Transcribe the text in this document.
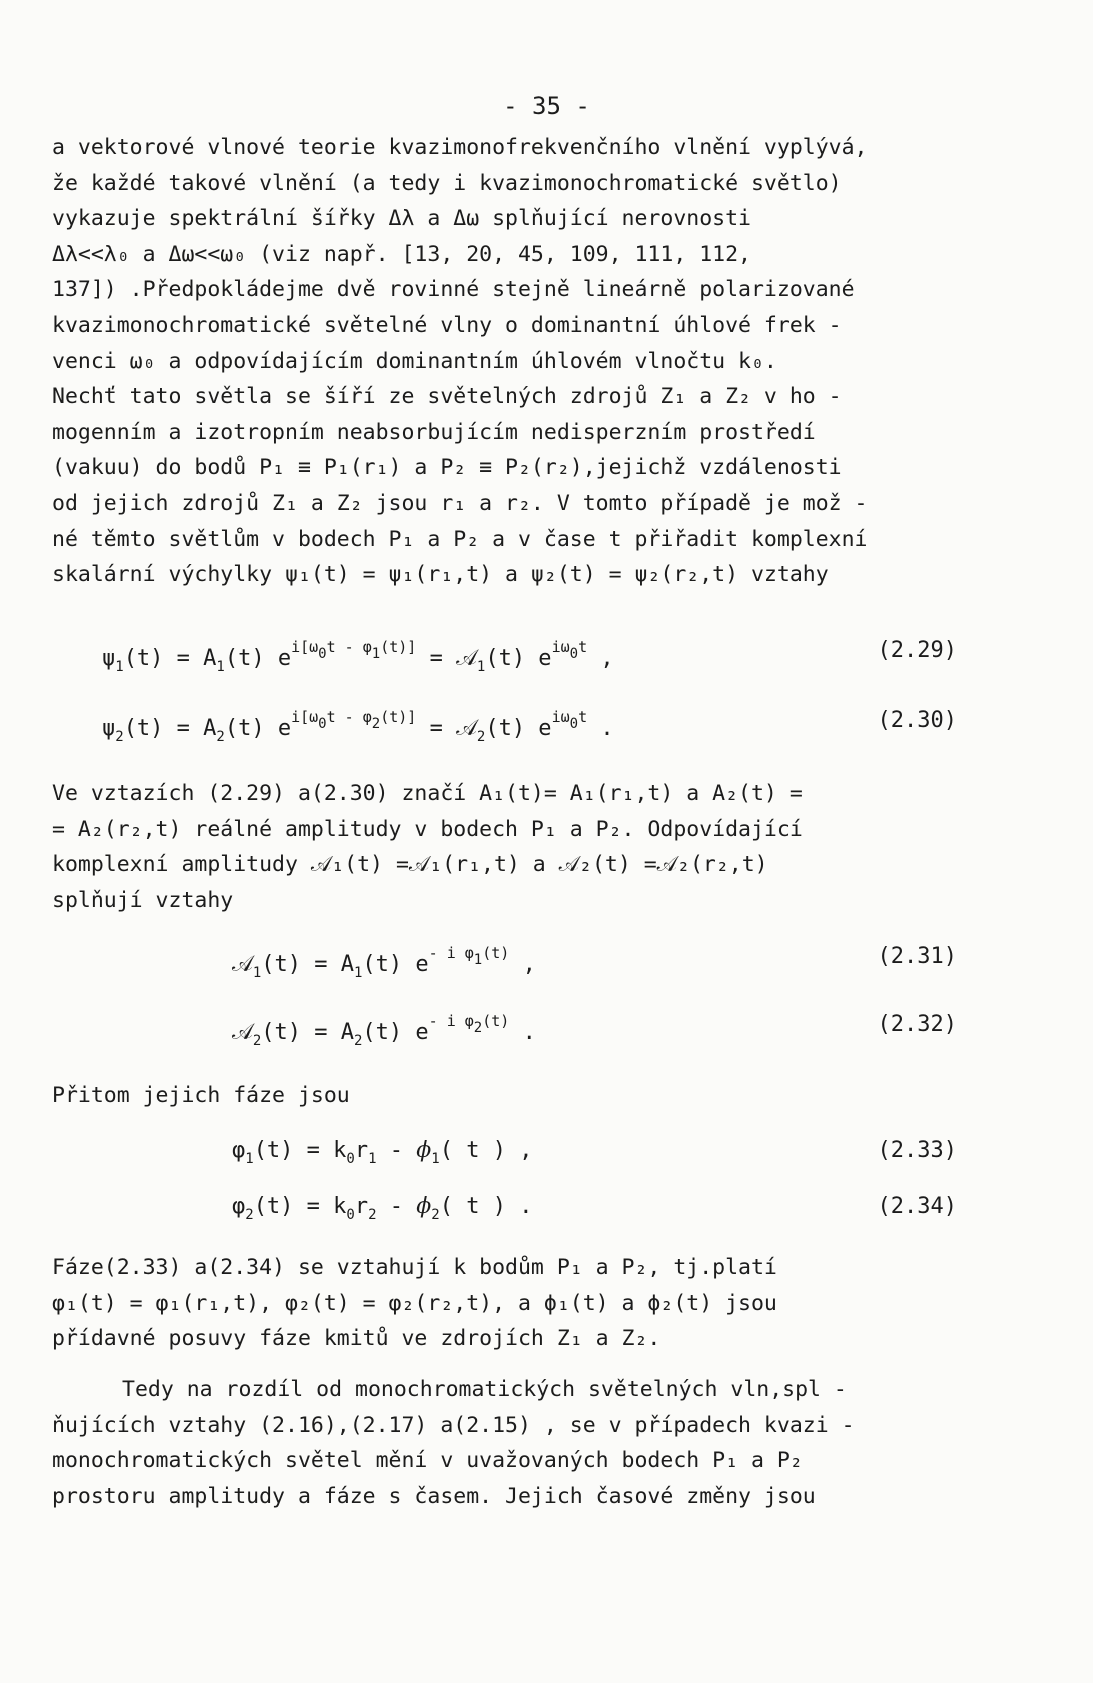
- 35 -
a vektorové vlnové teorie kvazimonofrekvenčního vlnění vyplývá,
že každé takové vlnění (a tedy i kvazimonochromatické světlo)
vykazuje spektrální šířky Δλ a Δω splňující nerovnosti
Δλ<<λ₀ a Δω<<ω₀ (viz např. [13, 20, 45, 109, 111, 112,
137]) .Předpokládejme dvě rovinné stejně lineárně polarizované
kvazimonochromatické světelné vlny o dominantní úhlové frek -
venci ω₀ a odpovídajícím dominantním úhlovém vlnočtu k₀.
Nechť tato světla se šíří ze světelných zdrojů Z₁ a Z₂ v ho -
mogenním a izotropním neabsorbujícím nedisperzním prostředí
(vakuu) do bodů P₁ ≡ P₁(r₁) a P₂ ≡ P₂(r₂),jejichž vzdálenosti
od jejich zdrojů Z₁ a Z₂ jsou r₁ a r₂. V tomto případě je mož -
né těmto světlům v bodech P₁ a P₂ a v čase t přiřadit komplexní
skalární výchylky ψ₁(t) = ψ₁(r₁,t) a ψ₂(t) = ψ₂(r₂,t) vztahy
$\psi_1(t) = A_1(t) e^{i[\omega_0t - \varphi_1(t)]}$ = 𝒜$_1$(t) $e^{i\omega_0t}$ ,	(2.29)
$\psi_2(t) = A_2(t) e^{i[\omega_0t - \varphi_2(t)]}$ = 𝒜$_2$(t) $e^{i\omega_0t}$ .	(2.30)
Ve vztazích (2.29) a(2.30) značí A₁(t)= A₁(r₁,t) a A₂(t) =
= A₂(r₂,t) reálné amplitudy v bodech P₁ a P₂. Odpovídající
komplexní amplitudy 𝒜₁(t) =𝒜₁(r₁,t) a 𝒜₂(t) =𝒜₂(r₂,t)
splňují vztahy
𝒜$_1$(t) = $A_1(t)$ $e^{- i \varphi_1(t)}$ ,	(2.31)
𝒜$_2$(t) = $A_2(t)$ $e^{- i \varphi_2(t)}$ .	(2.32)
Přitom jejich fáze jsou
$\varphi_1(t) = k_0r_1 - \phi_1$( t ) ,	(2.33)
$\varphi_2(t) = k_0r_2 - \phi_2$( t ) .	(2.34)
Fáze(2.33) a(2.34) se vztahují k bodům P₁ a P₂, tj.platí
φ₁(t) = φ₁(r₁,t), φ₂(t) = φ₂(r₂,t), a ϕ₁(t) a ϕ₂(t) jsou
přídavné posuvy fáze kmitů ve zdrojích Z₁ a Z₂.
Tedy na rozdíl od monochromatických světelných vln,spl -
ňujících vztahy (2.16),(2.17) a(2.15) , se v případech kvazi -
monochromatických světel mění v uvažovaných bodech P₁ a P₂
prostoru amplitudy a fáze s časem. Jejich časové změny jsou
